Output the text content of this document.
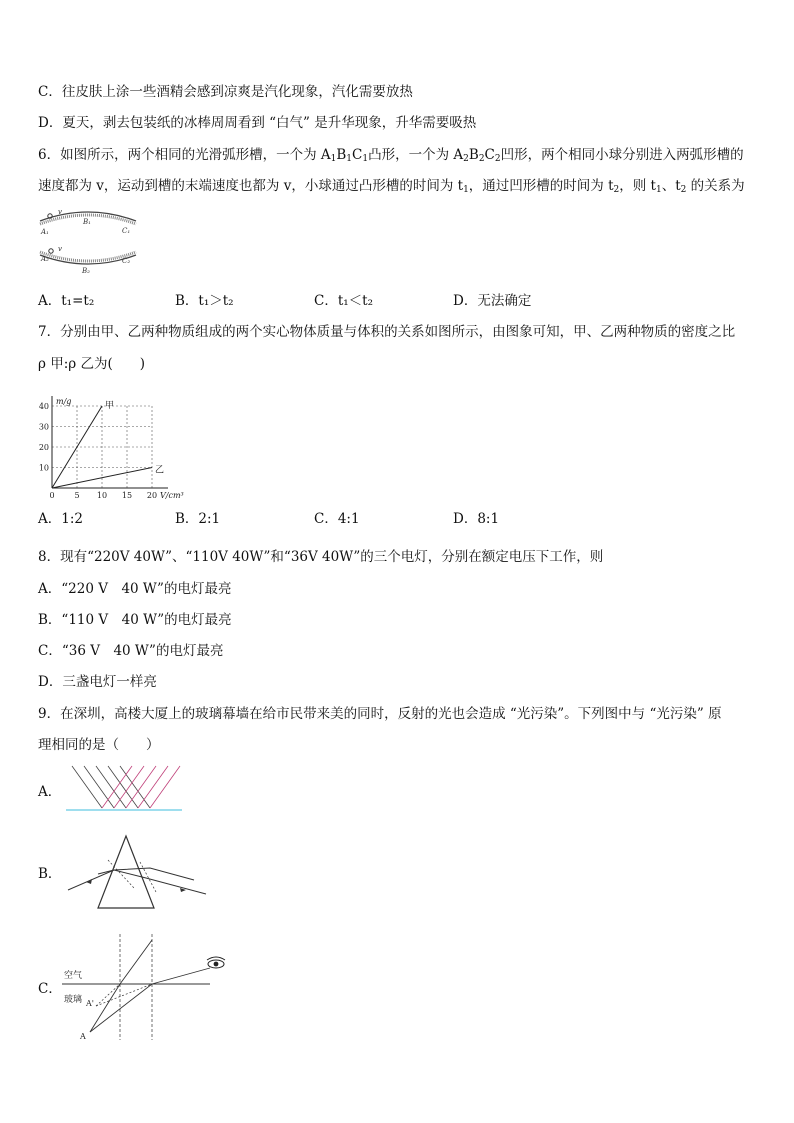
C．往皮肤上涂一些酒精会感到凉爽是汽化现象，汽化需要放热
D．夏天，剥去包装纸的冰棒周周看到 “白气” 是升华现象，升华需要吸热
6．如图所示，两个相同的光滑弧形槽，一个为 $A_1B_1C_1$凸形，一个为 $A_2B_2C_2$凹形，两个相同小球分别进入两弧形槽的
速度都为 v，运动到槽的末端速度也都为 v，小球通过凸形槽的时间为 $t_1$，通过凹形槽的时间为 $t_2$，则 $t_1$、$t_2$ 的关系为
v
A₁
B₁
C₁
v
A₂
B₂
C₂
A．t₁=t₂	B．t₁＞t₂	C．t₁＜t₂	D．无法确定
7．分别由甲、乙两种物质组成的两个实心物体质量与体积的关系如图所示，由图象可知，甲、乙两种物质的密度之比
ρ 甲:ρ 乙为(　　)
0 5 10 15 20
10
20
30
40	甲
乙
m/g
V/cm³
A．1:2	B．2:1	C．4:1	D．8:1
8．现有“220V 40W”、“110V 40W”和“36V 40W”的三个电灯，分别在额定电压下工作，则
A．“220 V　40 W”的电灯最亮
B．“110 V　40 W”的电灯最亮
C．“36 V　40 W”的电灯最亮
D．三盏电灯一样亮
9．在深圳，高楼大厦上的玻璃幕墙在给市民带来美的同时，反射的光也会造成 “光污染”。下列图中与 “光污染” 原
理相同的是（　　）
A．
B．
C．
空气
玻璃
A
A'
